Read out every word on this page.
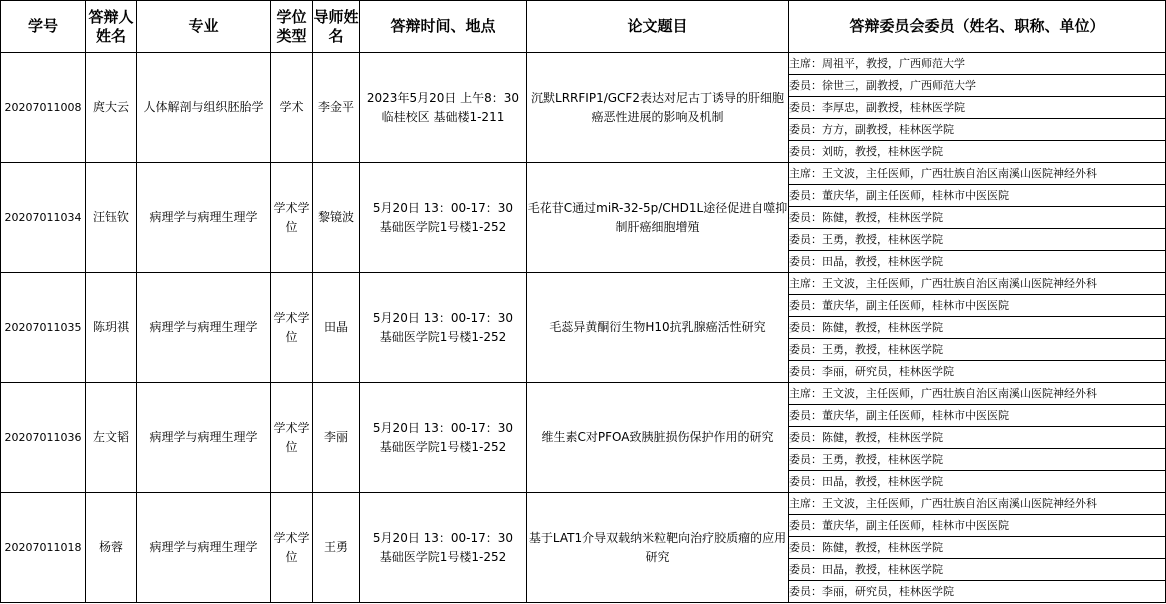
学号	答辩人姓名	专业	学位类型	导师姓名	答辩时间、地点	论文题目	答辩委员会委员（姓名、职称、单位）
20207011008	庹大云	人体解剖与组织胚胎学	学术	李金平	2023年5月20日 上午8：30
临桂校区 基础楼1-211	沉默LRRFIP1/GCF2表达对尼古丁诱导的肝细胞癌恶性进展的影响及机制	主席：周祖平，教授，广西师范大学
							委员：徐世三，副教授，广西师范大学
							委员：李厚忠，副教授，桂林医学院
							委员：方方，副教授，桂林医学院
							委员：刘昉，教授，桂林医学院
20207011034	汪钰钦	病理学与病理生理学	学术学位	黎镜波	5月20日 13：00-17：30
基础医学院1号楼1-252	毛花苷C通过miR-32-5p/CHD1L途径促进自噬抑制肝癌细胞增殖	主席：王文波，主任医师，广西壮族自治区南溪山医院神经外科
							委员：董庆华，副主任医师，桂林市中医医院
							委员：陈健，教授，桂林医学院
							委员：王勇，教授，桂林医学院
							委员：田晶，教授，桂林医学院
20207011035	陈玥祺	病理学与病理生理学	学术学位	田晶	5月20日 13：00-17：30
基础医学院1号楼1-252	毛蕊异黄酮衍生物H10抗乳腺癌活性研究	主席：王文波，主任医师，广西壮族自治区南溪山医院神经外科
							委员：董庆华，副主任医师，桂林市中医医院
							委员：陈健，教授，桂林医学院
							委员：王勇，教授，桂林医学院
							委员：李丽，研究员，桂林医学院
20207011036	左文韬	病理学与病理生理学	学术学位	李丽	5月20日 13：00-17：30
基础医学院1号楼1-252	维生素C对PFOA致胰脏损伤保护作用的研究	主席：王文波，主任医师，广西壮族自治区南溪山医院神经外科
							委员：董庆华，副主任医师，桂林市中医医院
							委员：陈健，教授，桂林医学院
							委员：王勇，教授，桂林医学院
							委员：田晶，教授，桂林医学院
20207011018	杨蓉	病理学与病理生理学	学术学位	王勇	5月20日 13：00-17：30
基础医学院1号楼1-252	基于LAT1介导双载纳米粒靶向治疗胶质瘤的应用研究	主席：王文波，主任医师，广西壮族自治区南溪山医院神经外科
							委员：董庆华，副主任医师，桂林市中医医院
							委员：陈健，教授，桂林医学院
							委员：田晶，教授，桂林医学院
							委员：李丽，研究员，桂林医学院
